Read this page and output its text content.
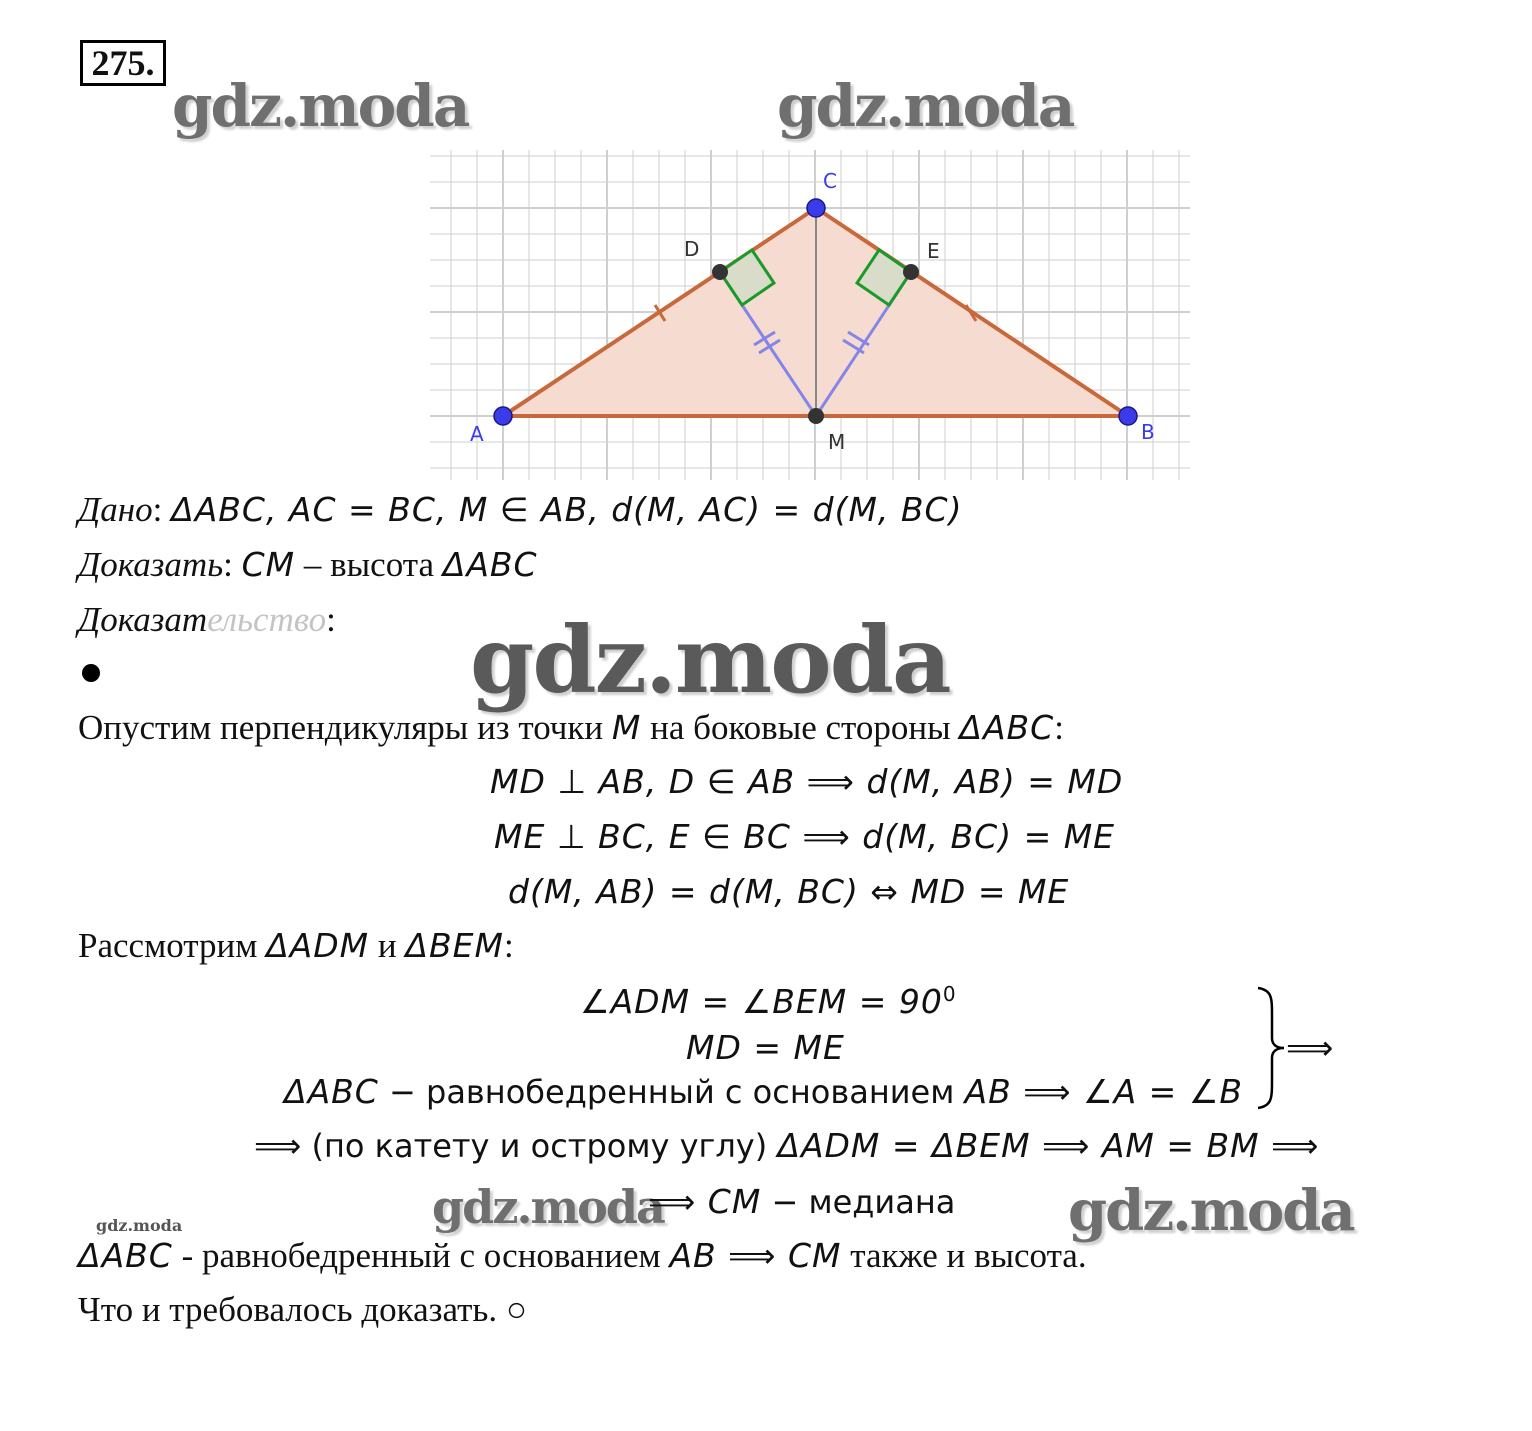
275.
gdz.moda	gdz.moda
A	B
C
D	E
M
Дано: ΔABC, AC = BC, M ∈ AB, d(M, AC) = d(M, BC)
Доказать: CM – высота ΔABC
Доказательство:
Опустим перпендикуляры из точки M на боковые стороны ΔABC:
gdz.moda
MD ⊥ AB, D ∈ AB ⟹ d(M, AB) = MD
ME ⊥ BC, E ∈ BC ⟹ d(M, BC) = ME
d(M, AB) = d(M, BC) ⇔ MD = ME
Рассмотрим ΔADM и ΔBEM:
∠ADM = ∠BEM = $90^0$
MD = ME
ΔABC − равнобедренный с основанием AB ⟹ ∠A = ∠B
⟹
⟹ (по катету и острому углу) ΔADM = ΔBEM ⟹ AM = BM ⟹
gdz.moda
⟹ CM − медиана gdz.moda
gdz.moda
ΔABC - равнобедренный с основанием AB ⟹ CM также и высота.
Что и требовалось доказать. ○
